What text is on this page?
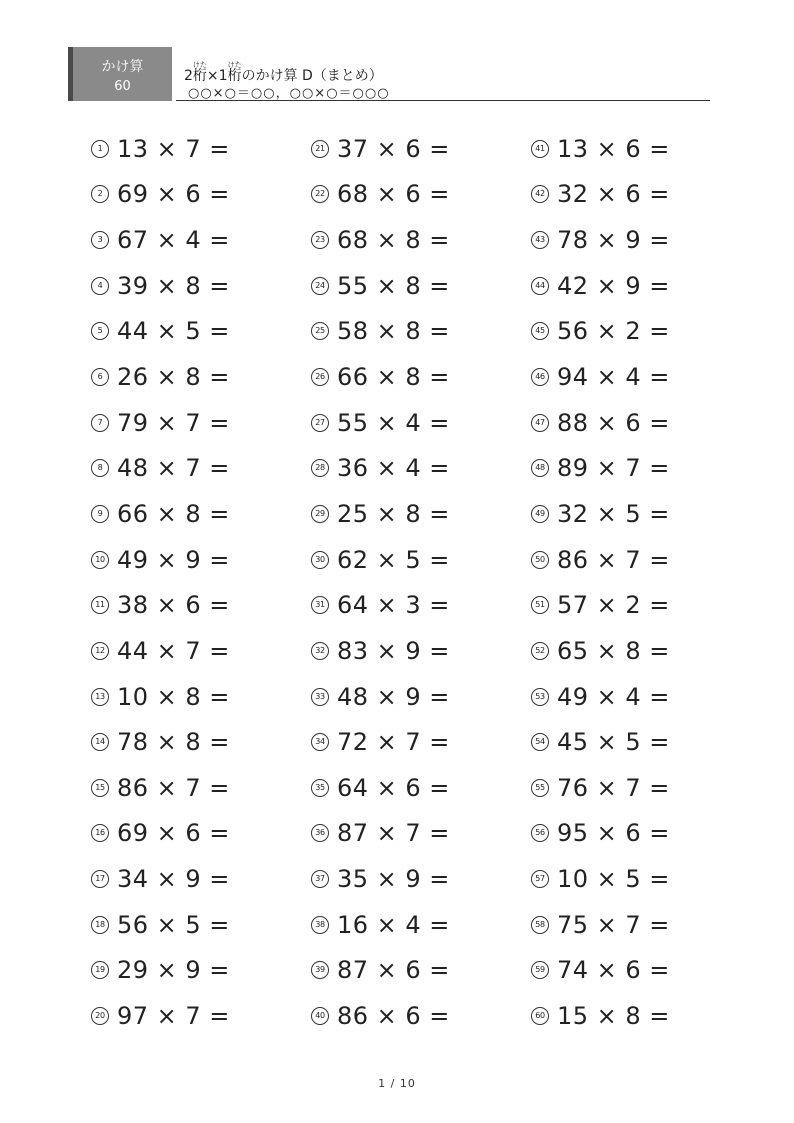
かけ算
60
2桁けた×1桁けたのかけ算 D（まとめ）
○○×○＝○○，○○×○＝○○○
1 13 × 7 =
2 69 × 6 =
3 67 × 4 =
4 39 × 8 =
5 44 × 5 =
6 26 × 8 =
7 79 × 7 =
8 48 × 7 =
9 66 × 8 =
10 49 × 9 =
11 38 × 6 =
12 44 × 7 =
13 10 × 8 =
14 78 × 8 =
15 86 × 7 =
16 69 × 6 =
17 34 × 9 =
18 56 × 5 =
19 29 × 9 =
20 97 × 7 =
21 37 × 6 =
22 68 × 6 =
23 68 × 8 =
24 55 × 8 =
25 58 × 8 =
26 66 × 8 =
27 55 × 4 =
28 36 × 4 =
29 25 × 8 =
30 62 × 5 =
31 64 × 3 =
32 83 × 9 =
33 48 × 9 =
34 72 × 7 =
35 64 × 6 =
36 87 × 7 =
37 35 × 9 =
38 16 × 4 =
39 87 × 6 =
40 86 × 6 =
41 13 × 6 =
42 32 × 6 =
43 78 × 9 =
44 42 × 9 =
45 56 × 2 =
46 94 × 4 =
47 88 × 6 =
48 89 × 7 =
49 32 × 5 =
50 86 × 7 =
51 57 × 2 =
52 65 × 8 =
53 49 × 4 =
54 45 × 5 =
55 76 × 7 =
56 95 × 6 =
57 10 × 5 =
58 75 × 7 =
59 74 × 6 =
60 15 × 8 =
1 / 10
